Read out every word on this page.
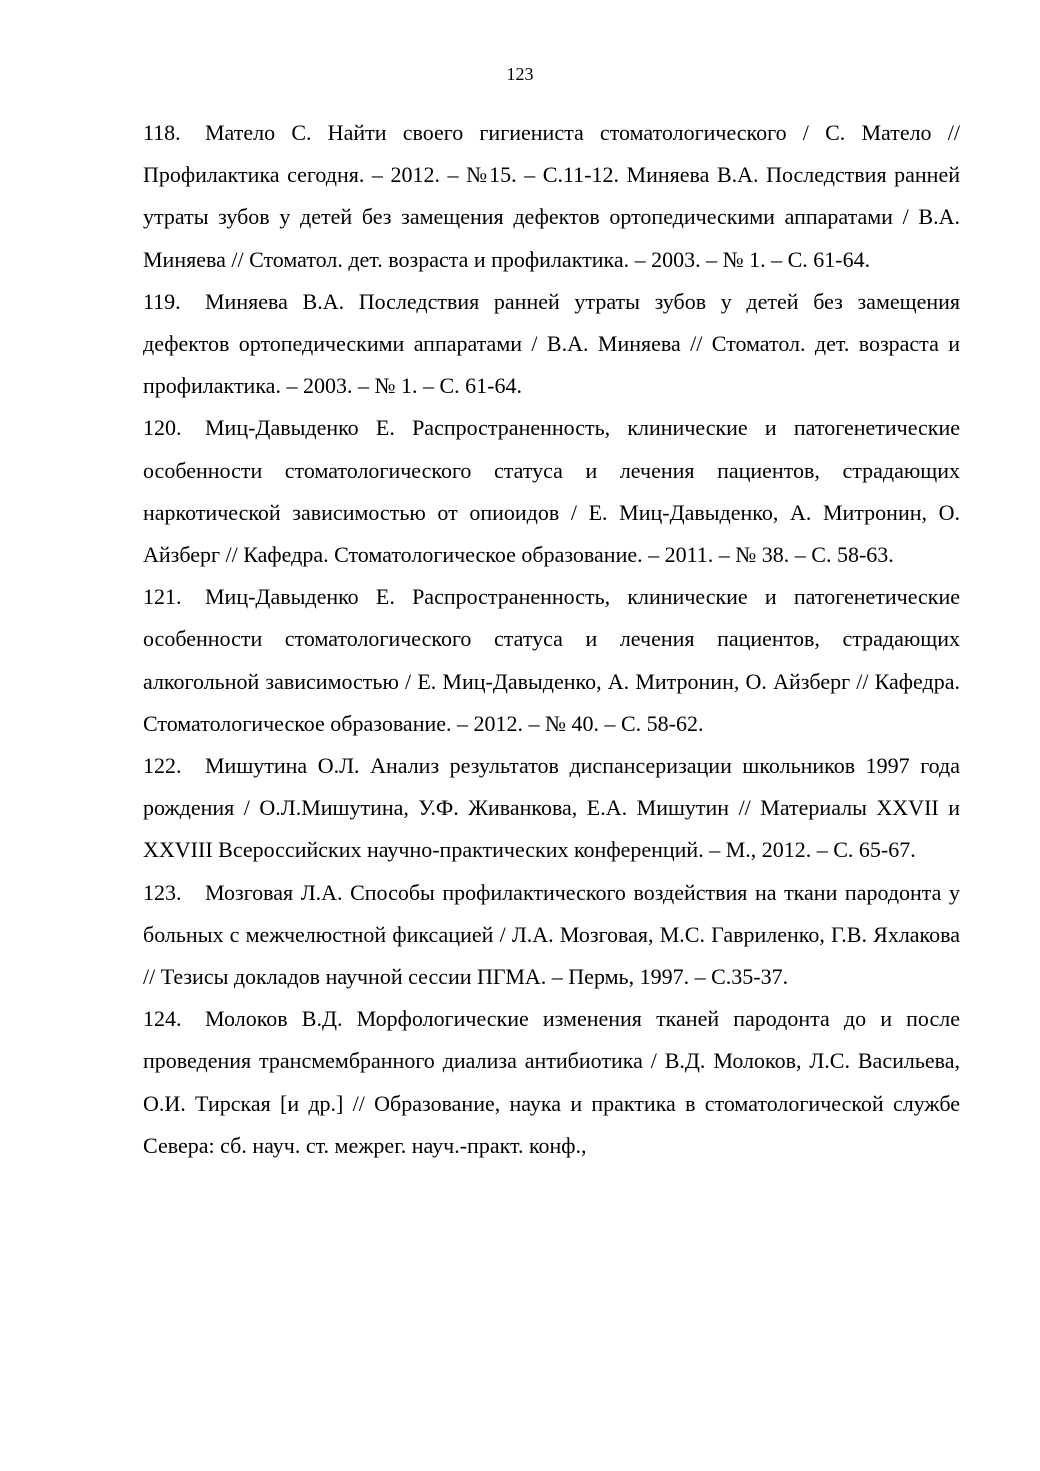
123

118. Мателo С. Найти своего гигиениста стоматологического / С. Мателo // Профилактика сегодня. – 2012. – №15. – С.11-12. Миняева В.А. Последствия ранней утраты зубов у детей без замещения дефектов ортопедическими аппаратами / В.А. Миняева // Стоматол. дет. возраста и профилактика. – 2003. – № 1. – С. 61-64.

119. Миняева В.А. Последствия ранней утраты зубов у детей без замещения дефектов ортопедическими аппаратами / В.А. Миняева // Стоматол. дет. возраста и профилактика. – 2003. – № 1. – С. 61-64.

120. Миц-Давыденко Е. Распространенность, клинические и патогенетические особенности стоматологического статуса и лечения пациентов, страдающих наркотической зависимостью от опиоидов / Е. Миц-Давыденко, А. Митронин, О. Айзберг // Кафедра. Стоматологическое образование. – 2011. – № 38. – С. 58-63.

121. Миц-Давыденко Е. Распространенность, клинические и патогенетические особенности стоматологического статуса и лечения пациентов, страдающих алкогольной зависимостью / Е. Миц-Давыденко, А. Митронин, О. Айзберг // Кафедра. Стоматологическое образование. – 2012. – № 40. – С. 58-62.

122. Мишутина О.Л. Анализ результатов диспансеризации школьников 1997 года рождения / О.Л.Мишутина, У.Ф. Живанкова, Е.А. Мишутин // Материалы XXVII и XXVIII Всероссийских научно-практических конференций. – М., 2012. – С. 65-67.

123. Мозговая Л.А. Способы профилактического воздействия на ткани пародонта у больных с межчелюстной фиксацией / Л.А. Мозговая, М.С. Гавриленко, Г.В. Яхлакова // Тезисы докладов научной сессии ПГМА. – Пермь, 1997. – С.35-37.

124. Молоков В.Д. Морфологические изменения тканей пародонта до и после проведения трансмембранного диализа антибиотика / В.Д. Молоков, Л.С. Васильева, О.И. Тирская [и др.] // Образование, наука и практика в стоматологической службе Севера: сб. науч. ст. межрег. науч.-практ. конф.,
